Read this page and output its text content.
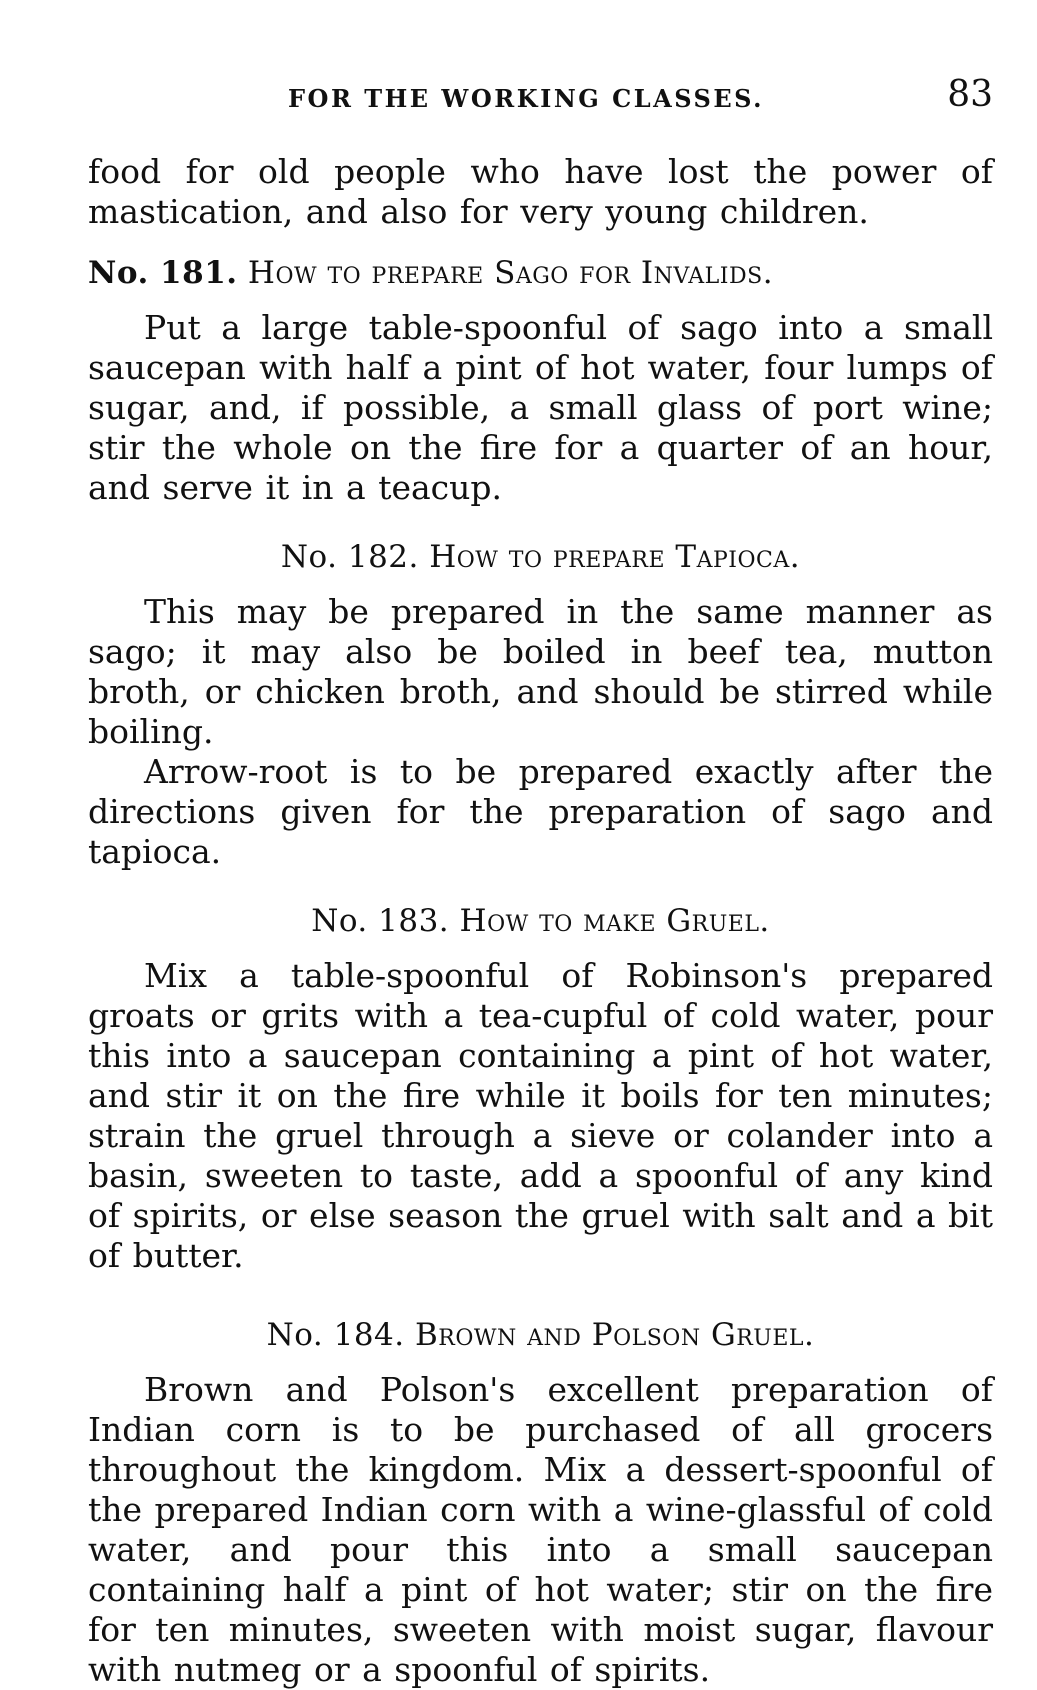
FOR THE WORKING CLASSES.	83

food for old people who have lost the power of mastication, and also for very young children.

No. 181. How to prepare Sago for Invalids.

Put a large table-spoonful of sago into a small saucepan with half a pint of hot water, four lumps of sugar, and, if possible, a small glass of port wine; stir the whole on the fire for a quarter of an hour, and serve it in a teacup.

No. 182. How to prepare Tapioca.

This may be prepared in the same manner as sago; it may also be boiled in beef tea, mutton broth, or chicken broth, and should be stirred while boiling.

Arrow-root is to be prepared exactly after the directions given for the preparation of sago and tapioca.

No. 183. How to make Gruel.

Mix a table-spoonful of Robinson's prepared groats or grits with a tea-cupful of cold water, pour this into a saucepan containing a pint of hot water, and stir it on the fire while it boils for ten minutes; strain the gruel through a sieve or colander into a basin, sweeten to taste, add a spoonful of any kind of spirits, or else season the gruel with salt and a bit of butter.

No. 184. Brown and Polson Gruel.

Brown and Polson's excellent preparation of Indian corn is to be purchased of all grocers throughout the kingdom. Mix a dessert-spoonful of the prepared Indian corn with a wine-glassful of cold water, and pour this into a small saucepan containing half a pint of hot water; stir on the fire for ten minutes, sweeten with moist sugar, flavour with nutmeg or a spoonful of spirits.
